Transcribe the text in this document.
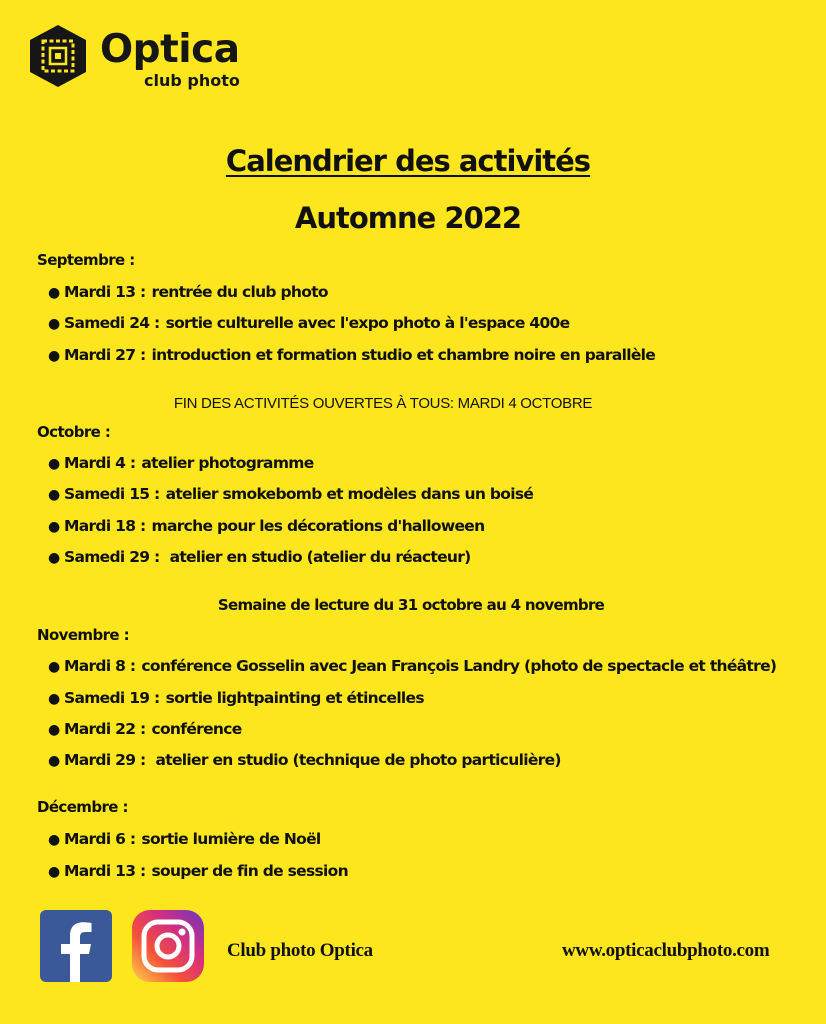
Optica
club photo
Calendrier des activités
Automne 2022
Septembre :
● Mardi 13 : rentrée du club photo
● Samedi 24 : sortie culturelle avec l'expo photo à l'espace 400e
● Mardi 27 : introduction et formation studio et chambre noire en parallèle
FIN DES ACTIVITÉS OUVERTES À TOUS: MARDI 4 OCTOBRE
Octobre :
● Mardi 4 : atelier photogramme
● Samedi 15 : atelier smokebomb et modèles dans un boisé
● Mardi 18 : marche pour les décorations d'halloween
● Samedi 29 : atelier en studio (atelier du réacteur)
Semaine de lecture du 31 octobre au 4 novembre
Novembre :
● Mardi 8 : conférence Gosselin avec Jean François Landry (photo de spectacle et théâtre)
● Samedi 19 : sortie lightpainting et étincelles
● Mardi 22 : conférence
● Mardi 29 : atelier en studio (technique de photo particulière)
Décembre :
● Mardi 6 : sortie lumière de Noël
● Mardi 13 : souper de fin de session
Club photo Optica	www.opticaclubphoto.com
